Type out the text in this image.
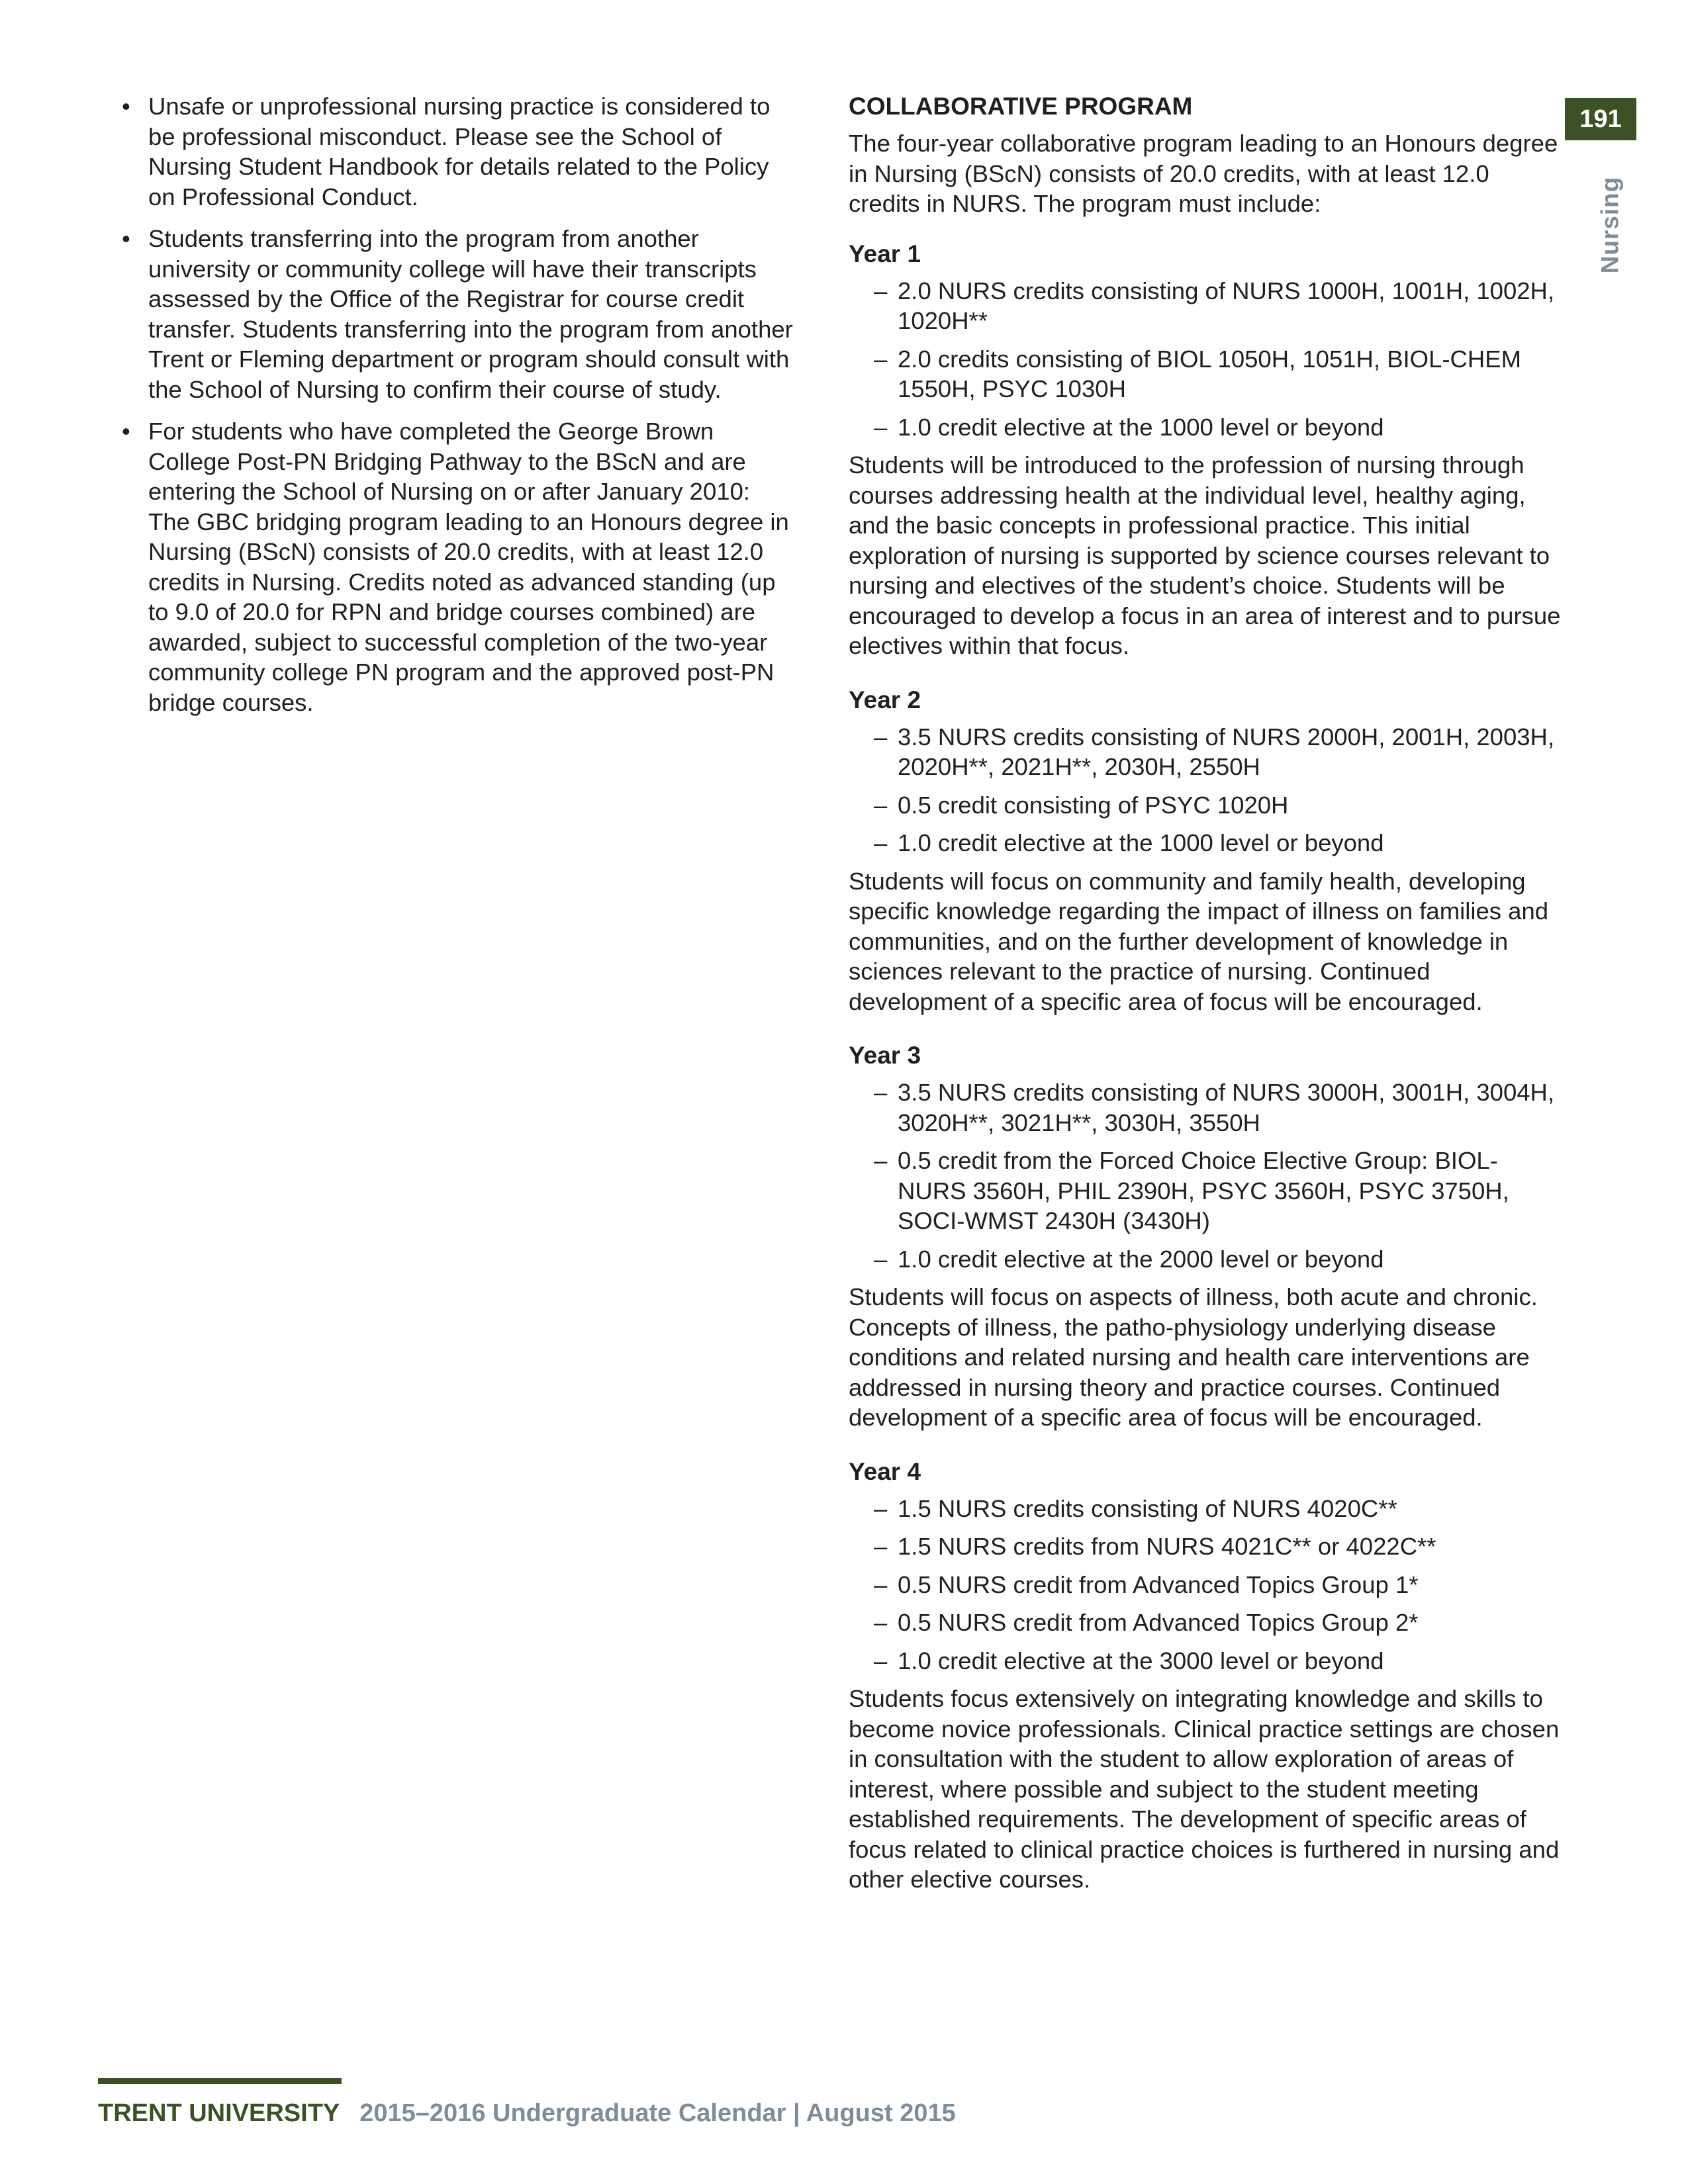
191
Nursing
• Unsafe or unprofessional nursing practice is considered to be professional misconduct. Please see the School of Nursing Student Handbook for details related to the Policy on Professional Conduct.
• Students transferring into the program from another university or community college will have their transcripts assessed by the Office of the Registrar for course credit transfer. Students transferring into the program from another Trent or Fleming department or program should consult with the School of Nursing to confirm their course of study.
• For students who have completed the George Brown College Post-PN Bridging Pathway to the BScN and are entering the School of Nursing on or after January 2010: The GBC bridging program leading to an Honours degree in Nursing (BScN) consists of 20.0 credits, with at least 12.0 credits in Nursing. Credits noted as advanced standing (up to 9.0 of 20.0 for RPN and bridge courses combined) are awarded, subject to successful completion of the two-year community college PN program and the approved post-PN bridge courses.
COLLABORATIVE PROGRAM

The four-year collaborative program leading to an Honours degree in Nursing (BScN) consists of 20.0 credits, with at least 12.0 credits in NURS. The program must include:

Year 1
– 2.0 NURS credits consisting of NURS 1000H, 1001H, 1002H, 1020H**
– 2.0 credits consisting of BIOL 1050H, 1051H, BIOL-CHEM 1550H, PSYC 1030H
– 1.0 credit elective at the 1000 level or beyond

Students will be introduced to the profession of nursing through courses addressing health at the individual level, healthy aging, and the basic concepts in professional practice. This initial exploration of nursing is supported by science courses relevant to nursing and electives of the student’s choice. Students will be encouraged to develop a focus in an area of interest and to pursue electives within that focus.

Year 2
– 3.5 NURS credits consisting of NURS 2000H, 2001H, 2003H, 2020H**, 2021H**, 2030H, 2550H
– 0.5 credit consisting of PSYC 1020H
– 1.0 credit elective at the 1000 level or beyond

Students will focus on community and family health, developing specific knowledge regarding the impact of illness on families and communities, and on the further development of knowledge in sciences relevant to the practice of nursing. Continued development of a specific area of focus will be encouraged.

Year 3
– 3.5 NURS credits consisting of NURS 3000H, 3001H, 3004H, 3020H**, 3021H**, 3030H, 3550H
– 0.5 credit from the Forced Choice Elective Group: BIOL-NURS 3560H, PHIL 2390H, PSYC 3560H, PSYC 3750H, SOCI-WMST 2430H (3430H)
– 1.0 credit elective at the 2000 level or beyond

Students will focus on aspects of illness, both acute and chronic. Concepts of illness, the patho-physiology underlying disease conditions and related nursing and health care interventions are addressed in nursing theory and practice courses. Continued development of a specific area of focus will be encouraged.

Year 4
– 1.5 NURS credits consisting of NURS 4020C**
– 1.5 NURS credits from NURS 4021C** or 4022C**
– 0.5 NURS credit from Advanced Topics Group 1*
– 0.5 NURS credit from Advanced Topics Group 2*
– 1.0 credit elective at the 3000 level or beyond

Students focus extensively on integrating knowledge and skills to become novice professionals. Clinical practice settings are chosen in consultation with the student to allow exploration of areas of interest, where possible and subject to the student meeting established requirements. The development of specific areas of focus related to clinical practice choices is furthered in nursing and other elective courses.

TRENT UNIVERSITY 2015–2016 Undergraduate Calendar | August 2015
